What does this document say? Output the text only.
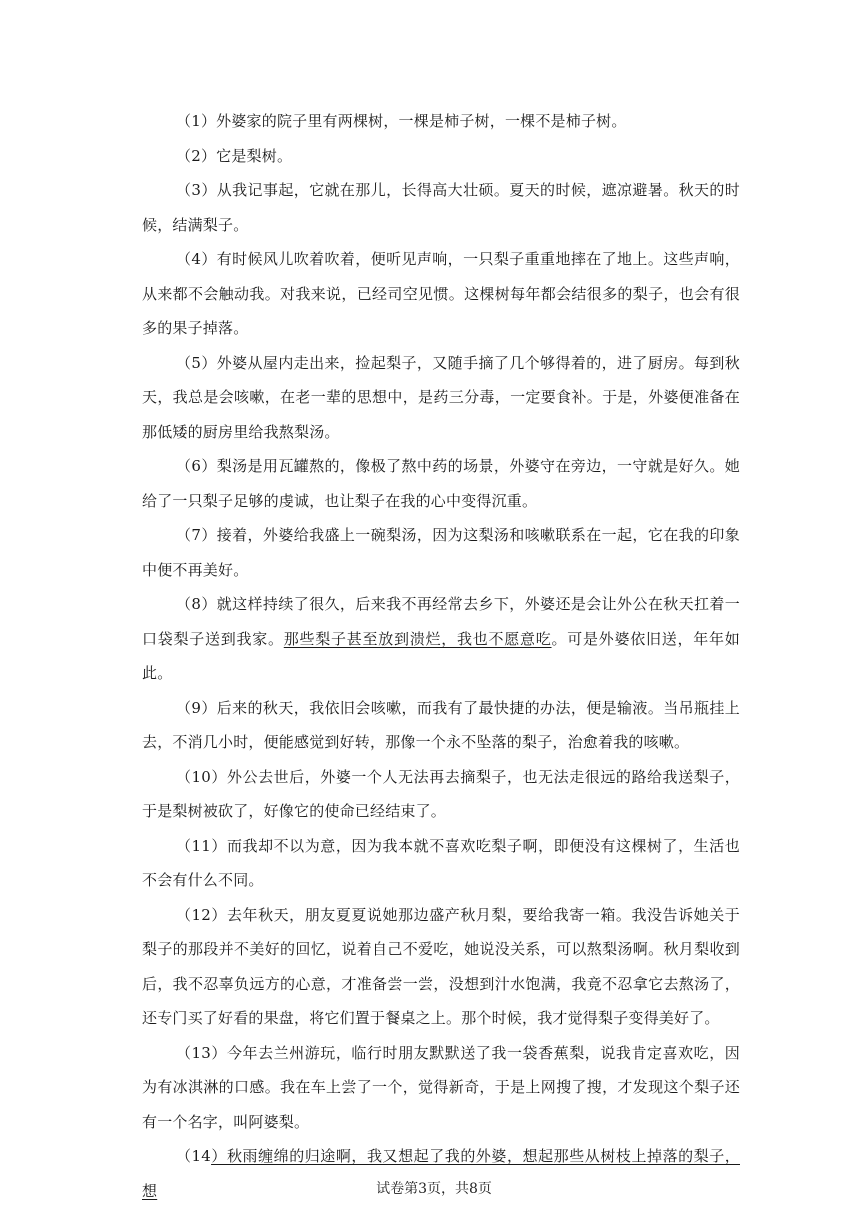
（1）外婆家的院子里有两棵树，一棵是柿子树，一棵不是柿子树。

（2）它是梨树。

（3）从我记事起，它就在那儿，长得高大壮硕。夏天的时候，遮凉避暑。秋天的时候，结满梨子。

（4）有时候风儿吹着吹着，便听见声响，一只梨子重重地摔在了地上。这些声响，从来都不会触动我。对我来说，已经司空见惯。这棵树每年都会结很多的梨子，也会有很多的果子掉落。

（5）外婆从屋内走出来，捡起梨子，又随手摘了几个够得着的，进了厨房。每到秋天，我总是会咳嗽，在老一辈的思想中，是药三分毒，一定要食补。于是，外婆便准备在那低矮的厨房里给我熬梨汤。

（6）梨汤是用瓦罐熬的，像极了熬中药的场景，外婆守在旁边，一守就是好久。她给了一只梨子足够的虔诚，也让梨子在我的心中变得沉重。

（7）接着，外婆给我盛上一碗梨汤，因为这梨汤和咳嗽联系在一起，它在我的印象中便不再美好。

（8）就这样持续了很久，后来我不再经常去乡下，外婆还是会让外公在秋天扛着一口袋梨子送到我家。那些梨子甚至放到溃烂，我也不愿意吃。可是外婆依旧送，年年如此。

（9）后来的秋天，我依旧会咳嗽，而我有了最快捷的办法，便是输液。当吊瓶挂上去，不消几小时，便能感觉到好转，那像一个永不坠落的梨子，治愈着我的咳嗽。

（10）外公去世后，外婆一个人无法再去摘梨子，也无法走很远的路给我送梨子，于是梨树被砍了，好像它的使命已经结束了。

（11）而我却不以为意，因为我本就不喜欢吃梨子啊，即便没有这棵树了，生活也不会有什么不同。

（12）去年秋天，朋友夏夏说她那边盛产秋月梨，要给我寄一箱。我没告诉她关于梨子的那段并不美好的回忆，说着自己不爱吃，她说没关系，可以熬梨汤啊。秋月梨收到后，我不忍辜负远方的心意，才准备尝一尝，没想到汁水饱满，我竟不忍拿它去熬汤了，还专门买了好看的果盘，将它们置于餐桌之上。那个时候，我才觉得梨子变得美好了。

（13）今年去兰州游玩，临行时朋友默默送了我一袋香蕉梨，说我肯定喜欢吃，因为有冰淇淋的口感。我在车上尝了一个，觉得新奇，于是上网搜了搜，才发现这个梨子还有一个名字，叫阿婆梨。

（14）秋雨缠绵的归途啊，我又想起了我的外婆，想起那些从树枝上掉落的梨子，想	试卷第3页，共8页
